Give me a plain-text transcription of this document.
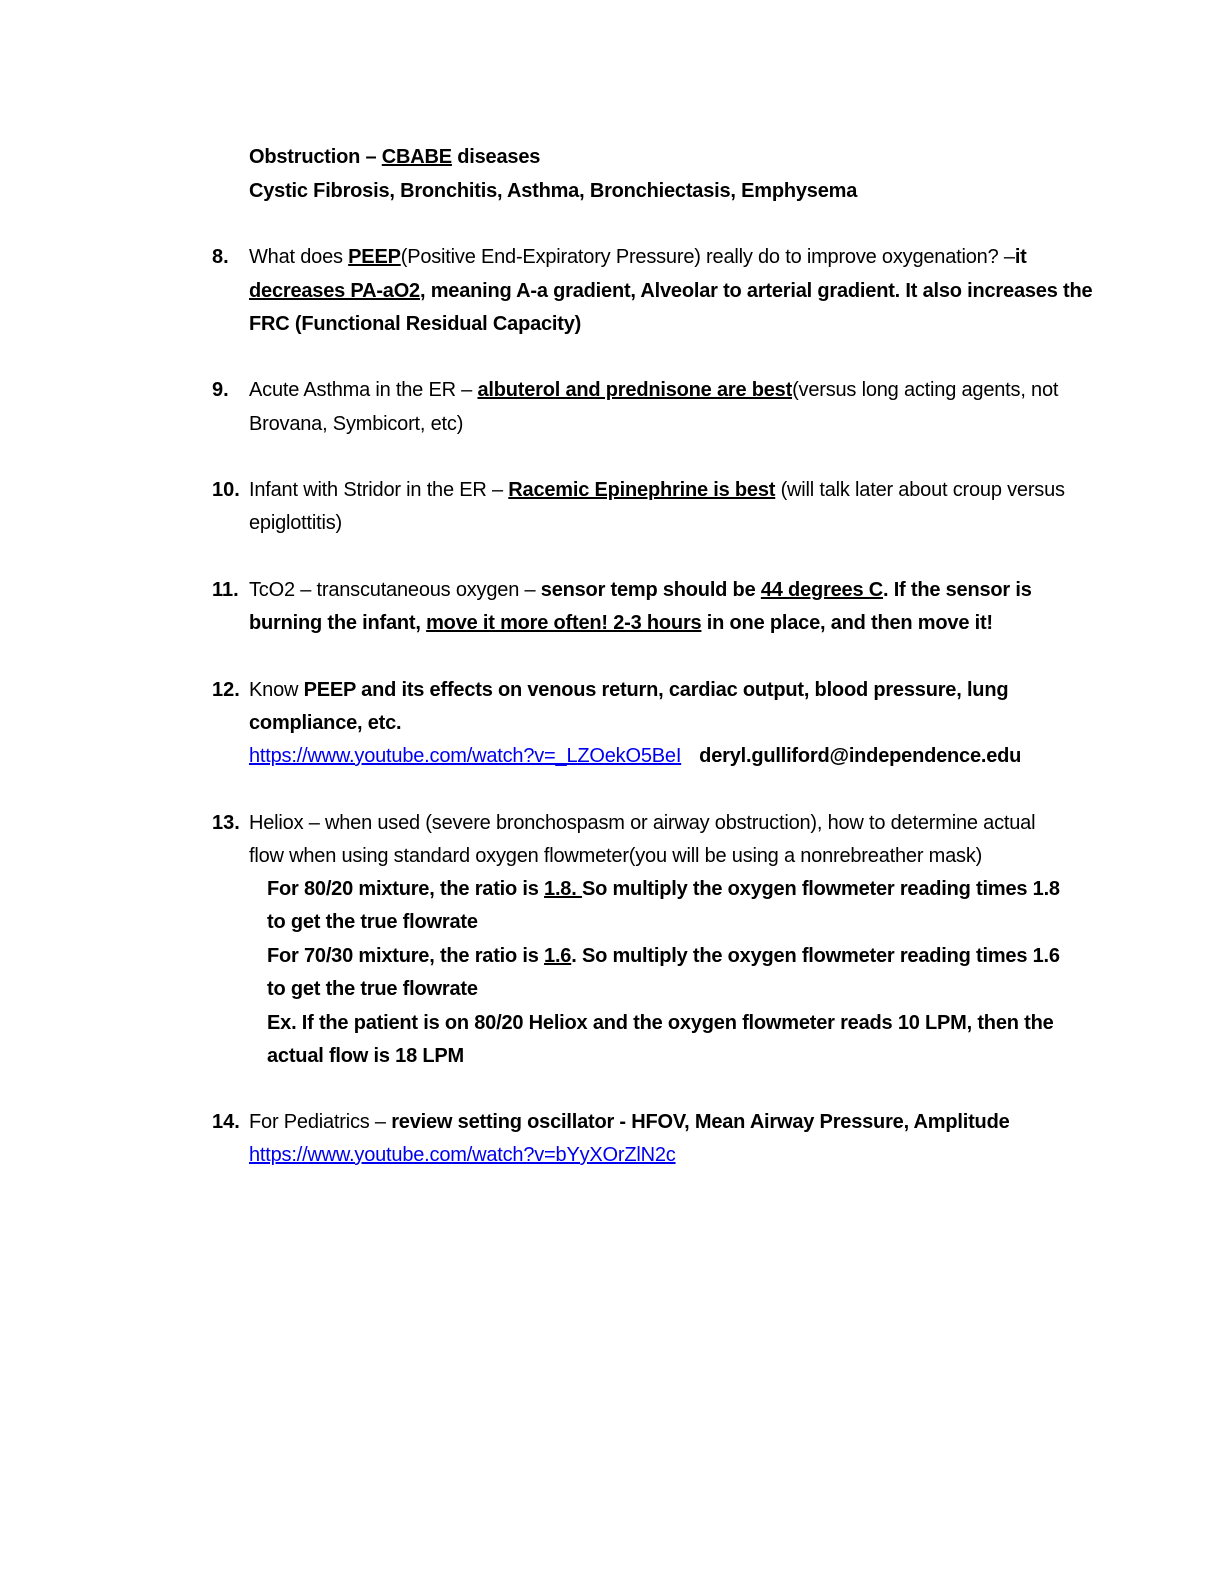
Obstruction – CBABE diseases
Cystic Fibrosis, Bronchitis, Asthma, Bronchiectasis, Emphysema
8. What does PEEP(Positive End-Expiratory Pressure) really do to improve oxygenation? –it
decreases PA-aO2, meaning A-a gradient, Alveolar to arterial gradient. It also increases the
FRC (Functional Residual Capacity)
9. Acute Asthma in the ER – albuterol and prednisone are best(versus long acting agents, not
Brovana, Symbicort, etc)
10. Infant with Stridor in the ER – Racemic Epinephrine is best (will talk later about croup versus
epiglottitis)
11. TcO2 – transcutaneous oxygen – sensor temp should be 44 degrees C. If the sensor is
burning the infant, move it more often! 2-3 hours in one place, and then move it!
12. Know PEEP and its effects on venous return, cardiac output, blood pressure, lung
compliance, etc.
https://www.youtube.com/watch?v=_LZOekO5BeI deryl.gulliford@independence.edu
13. Heliox – when used (severe bronchospasm or airway obstruction), how to determine actual
flow when using standard oxygen flowmeter(you will be using a nonrebreather mask)
For 80/20 mixture, the ratio is 1.8. So multiply the oxygen flowmeter reading times 1.8
to get the true flowrate
For 70/30 mixture, the ratio is 1.6. So multiply the oxygen flowmeter reading times 1.6
to get the true flowrate
Ex. If the patient is on 80/20 Heliox and the oxygen flowmeter reads 10 LPM, then the
actual flow is 18 LPM
14. For Pediatrics – review setting oscillator - HFOV, Mean Airway Pressure, Amplitude
https://www.youtube.com/watch?v=bYyXOrZlN2c
